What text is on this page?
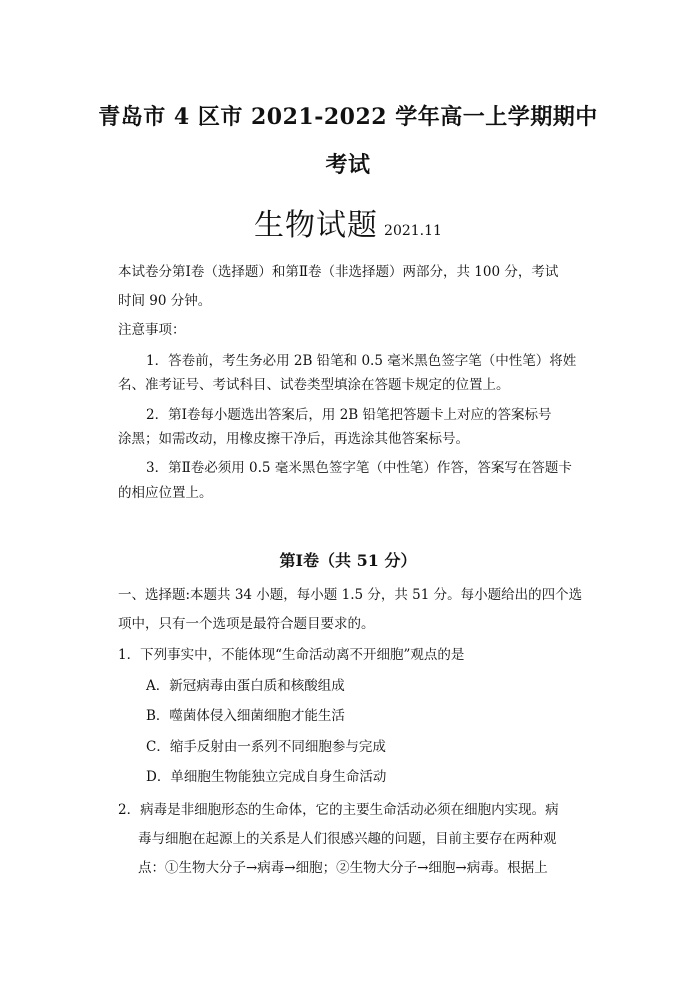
青岛市 4 区市 2021-2022 学年高一上学期期中
考试
生物试题 2021.11
本试卷分第Ⅰ卷（选择题）和第Ⅱ卷（非选择题）两部分，共 100 分，考试
时间 90 分钟。
注意事项：
1．答卷前，考生务必用 2B 铅笔和 0.5 毫米黑色签字笔（中性笔）将姓
名、准考证号、考试科目、试卷类型填涂在答题卡规定的位置上。
2．第Ⅰ卷每小题选出答案后，用 2B 铅笔把答题卡上对应的答案标号
涂黑；如需改动，用橡皮擦干净后，再选涂其他答案标号。
3．第Ⅱ卷必须用 0.5 毫米黑色签字笔（中性笔）作答，答案写在答题卡
的相应位置上。
第Ⅰ卷（共 51 分）
一、选择题:本题共 34 小题，每小题 1.5 分，共 51 分。每小题给出的四个选
项中，只有一个选项是最符合题目要求的。
1．下列事实中，不能体现“生命活动离不开细胞”观点的是
A．新冠病毒由蛋白质和核酸组成
B．噬菌体侵入细菌细胞才能生活
C．缩手反射由一系列不同细胞参与完成
D．单细胞生物能独立完成自身生命活动
2．病毒是非细胞形态的生命体，它的主要生命活动必须在细胞内实现。病
毒与细胞在起源上的关系是人们很感兴趣的问题，目前主要存在两种观
点：①生物大分子→病毒→细胞；②生物大分子→细胞→病毒。根据上
